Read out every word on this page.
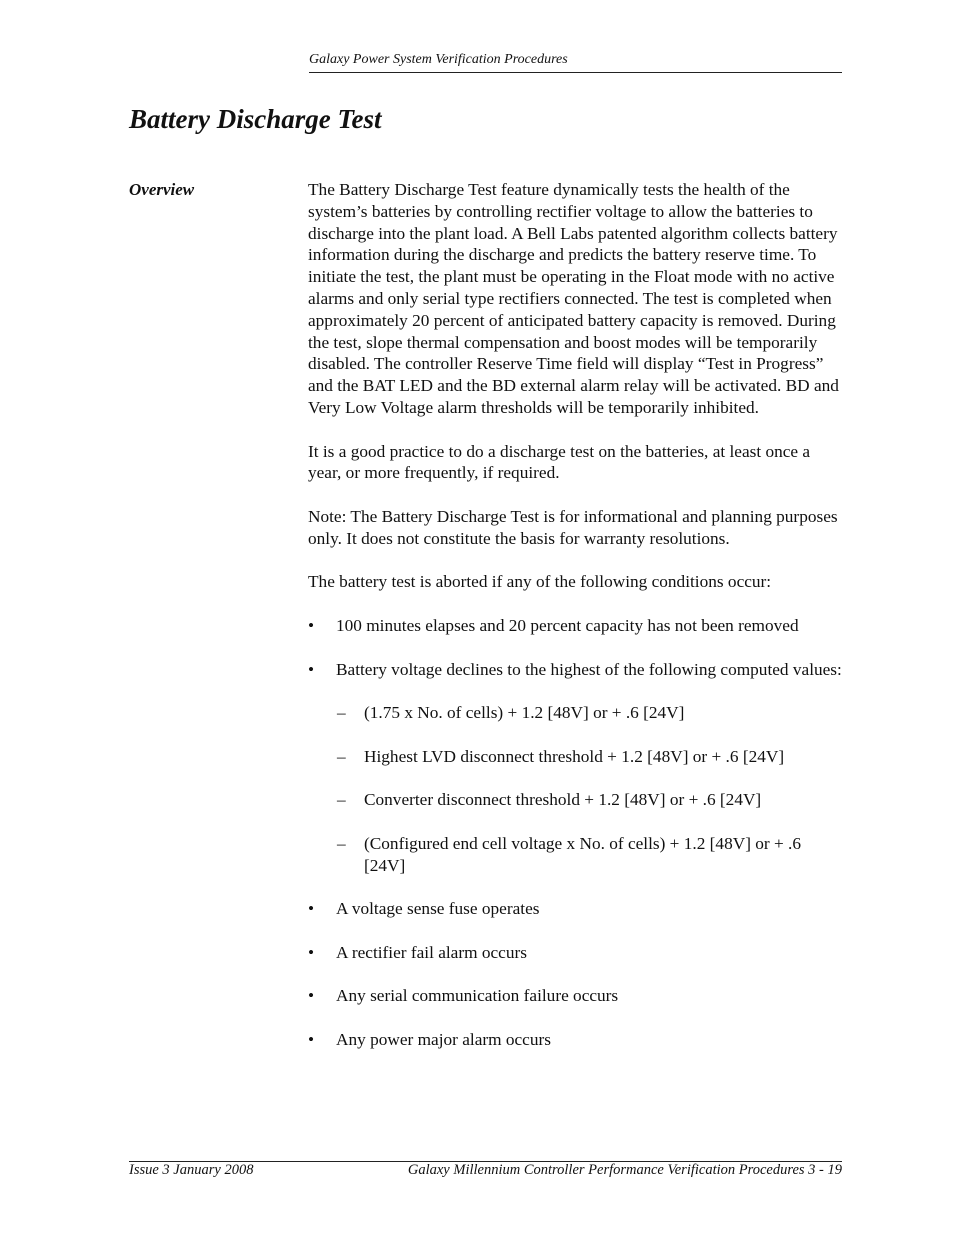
Galaxy Power System Verification Procedures
Battery Discharge Test
Overview	The Battery Discharge Test feature dynamically tests the health of the system’s batteries by controlling rectifier voltage to allow the batteries to discharge into the plant load. A Bell Labs patented algorithm collects battery information during the discharge and predicts the battery reserve time. To initiate the test, the plant must be operating in the Float mode with no active alarms and only serial type rectifiers connected. The test is completed when approximately 20 percent of anticipated battery capacity is removed. During the test, slope thermal compensation and boost modes will be temporarily disabled. The controller Reserve Time field will display “Test in Progress” and the BAT LED and the BD external alarm relay will be activated. BD and Very Low Voltage alarm thresholds will be temporarily inhibited.

It is a good practice to do a discharge test on the batteries, at least once a year, or more frequently, if required.

Note: The Battery Discharge Test is for informational and planning purposes only. It does not constitute the basis for warranty resolutions.

The battery test is aborted if any of the following conditions occur:

• 100 minutes elapses and 20 percent capacity has not been removed
• Battery voltage declines to the highest of the following computed values:
– (1.75 x No. of cells) + 1.2 [48V] or + .6 [24V]
– Highest LVD disconnect threshold + 1.2 [48V] or + .6 [24V]
– Converter disconnect threshold + 1.2 [48V] or + .6 [24V]
– (Configured end cell voltage x No. of cells) + 1.2 [48V] or + .6 [24V]
• A voltage sense fuse operates
• A rectifier fail alarm occurs
• Any serial communication failure occurs
• Any power major alarm occurs
Issue 3 January 2008	Galaxy Millennium Controller Performance Verification Procedures 3 - 19
